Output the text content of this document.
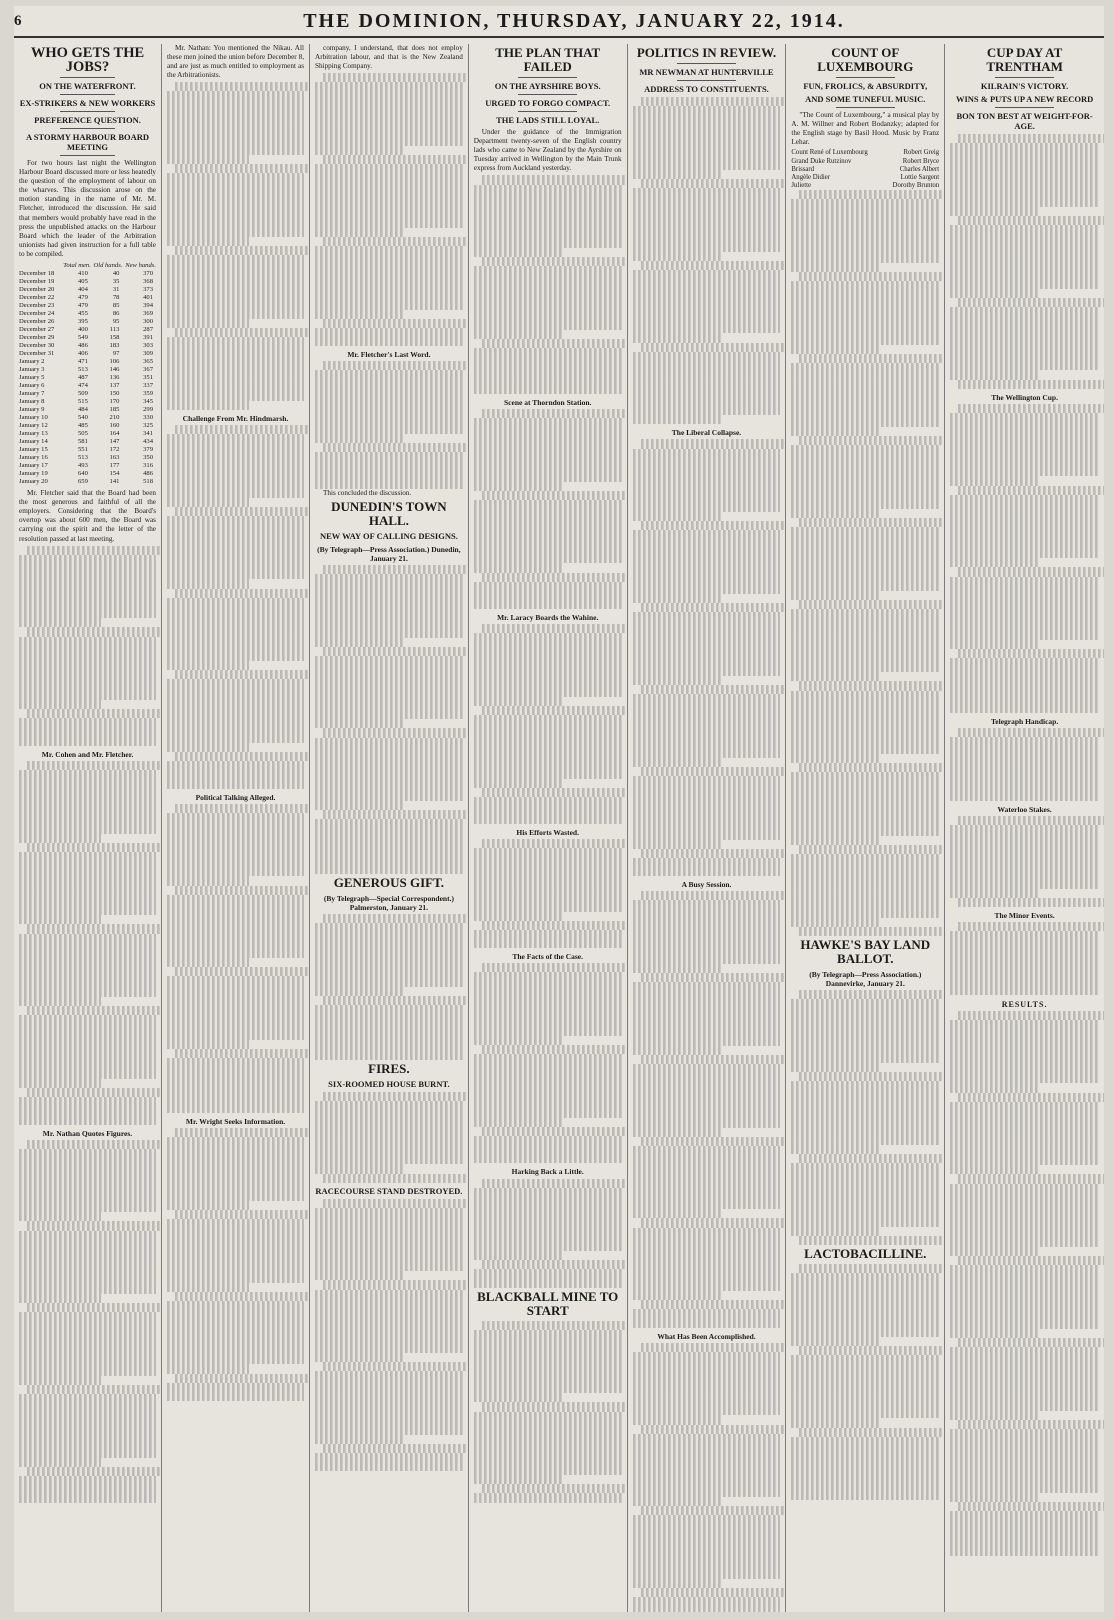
6	THE DOMINION, THURSDAY, JANUARY 22, 1914.
WHO GETS THE JOBS?
ON THE WATERFRONT.
EX-STRIKERS & NEW WORKERS
PREFERENCE QUESTION.
A STORMY HARBOUR BOARD MEETING

For two hours last night the Wellington Harbour Board discussed more or less heatedly the question of the employment of labour on the wharves. This discussion arose on the motion standing in the name of Mr. M. Fletcher, introduced the discussion. He said that members would probably have read in the press the unpublished attacks on the Harbour Board which the leader of the Arbitration unionists had given instruction for a full table to be compiled.

	Total men.	Old hands.	New hands.
December 18	410	40	370
December 19	405	35	368
December 20	404	31	373
December 22	479	78	401
December 23	479	85	394
December 24	455	86	369
December 26	395	95	300
December 27	400	113	287
December 29	549	158	391
December 30	486	183	303
December 31	406	97	309
January 2	471	106	365
January 3	513	146	367
January 5	487	136	351
January 6	474	137	337
January 7	509	150	359
January 8	515	170	345
January 9	484	185	299
January 10	540	210	330
January 12	485	160	325
January 13	505	164	341
January 14	581	147	434
January 15	551	172	379
January 16	513	163	350
January 17	493	177	316
January 19	640	154	486
January 20	659	141	518

Mr. Fletcher said that the Board had been the most generous and faithful of all the employers. Considering that the Board's overtop was about 600 men, the Board was carrying out the spirit and the letter of the resolution passed at last meeting.

Mr. Cohen and Mr. Fletcher.
Mr. Nathan Quotes Figures.

Mr. Nathan: You mentioned the Nikau. All these men joined the union before December 8, and are just as much entitled to employment as the Arbitrationists.

Challenge From Mr. Hindmarsh.
Political Talking Alleged.
Mr. Wright Seeks Information.

company, I understand, that does not employ Arbitration labour, and that is the New Zealand Shipping Company.

Mr. Fletcher's Last Word.

This concluded the discussion.

DUNEDIN'S TOWN HALL.
NEW WAY OF CALLING DESIGNS.
(By Telegraph—Press Association.) Dunedin, January 21.
GENEROUS GIFT.
(By Telegraph—Special Correspondent.) Palmerston, January 21.
FIRES.
SIX-ROOMED HOUSE BURNT.
RACECOURSE STAND DESTROYED.
THE PLAN THAT FAILED
ON THE AYRSHIRE BOYS.
URGED TO FORGO COMPACT.
THE LADS STILL LOYAL.

Under the guidance of the Immigration Department twenty-seven of the English country lads who came to New Zealand by the Ayrshire on Tuesday arrived in Wellington by the Main Trunk express from Auckland yesterday.

Scene at Thorndon Station.
Mr. Laracy Boards the Wahine.
His Efforts Wasted.
The Facts of the Case.
Harking Back a Little.
BLACKBALL MINE TO START
POLITICS IN REVIEW.
MR NEWMAN AT HUNTERVILLE
ADDRESS TO CONSTITUENTS.
The Liberal Collapse.
A Busy Session.
What Has Been Accomplished.
COUNT OF LUXEMBOURG
FUN, FROLICS, & ABSURDITY,
AND SOME TUNEFUL MUSIC.

"The Count of Luxembourg," a musical play by A. M. Willner and Robert Bodanzky; adapted for the English stage by Basil Hood. Music by Franz Lehar.

Count René of Luxembourg	Robert Greig
Grand Duke Rutzinov	Robert Bryce
Brissard	Charles Albert
Angèle Didier	Lottie Sargent
Juliette	Dorothy Brunton
HAWKE'S BAY LAND BALLOT.
(By Telegraph—Press Association.) Dannevirke, January 21.
LACTOBACILLINE.
CUP DAY AT TRENTHAM
KILRAIN'S VICTORY.
WINS & PUTS UP A NEW RECORD
BON TON BEST AT WEIGHT-FOR-AGE.
The Wellington Cup.
Telegraph Handicap.
Waterloo Stakes.
The Minor Events.
RESULTS.
